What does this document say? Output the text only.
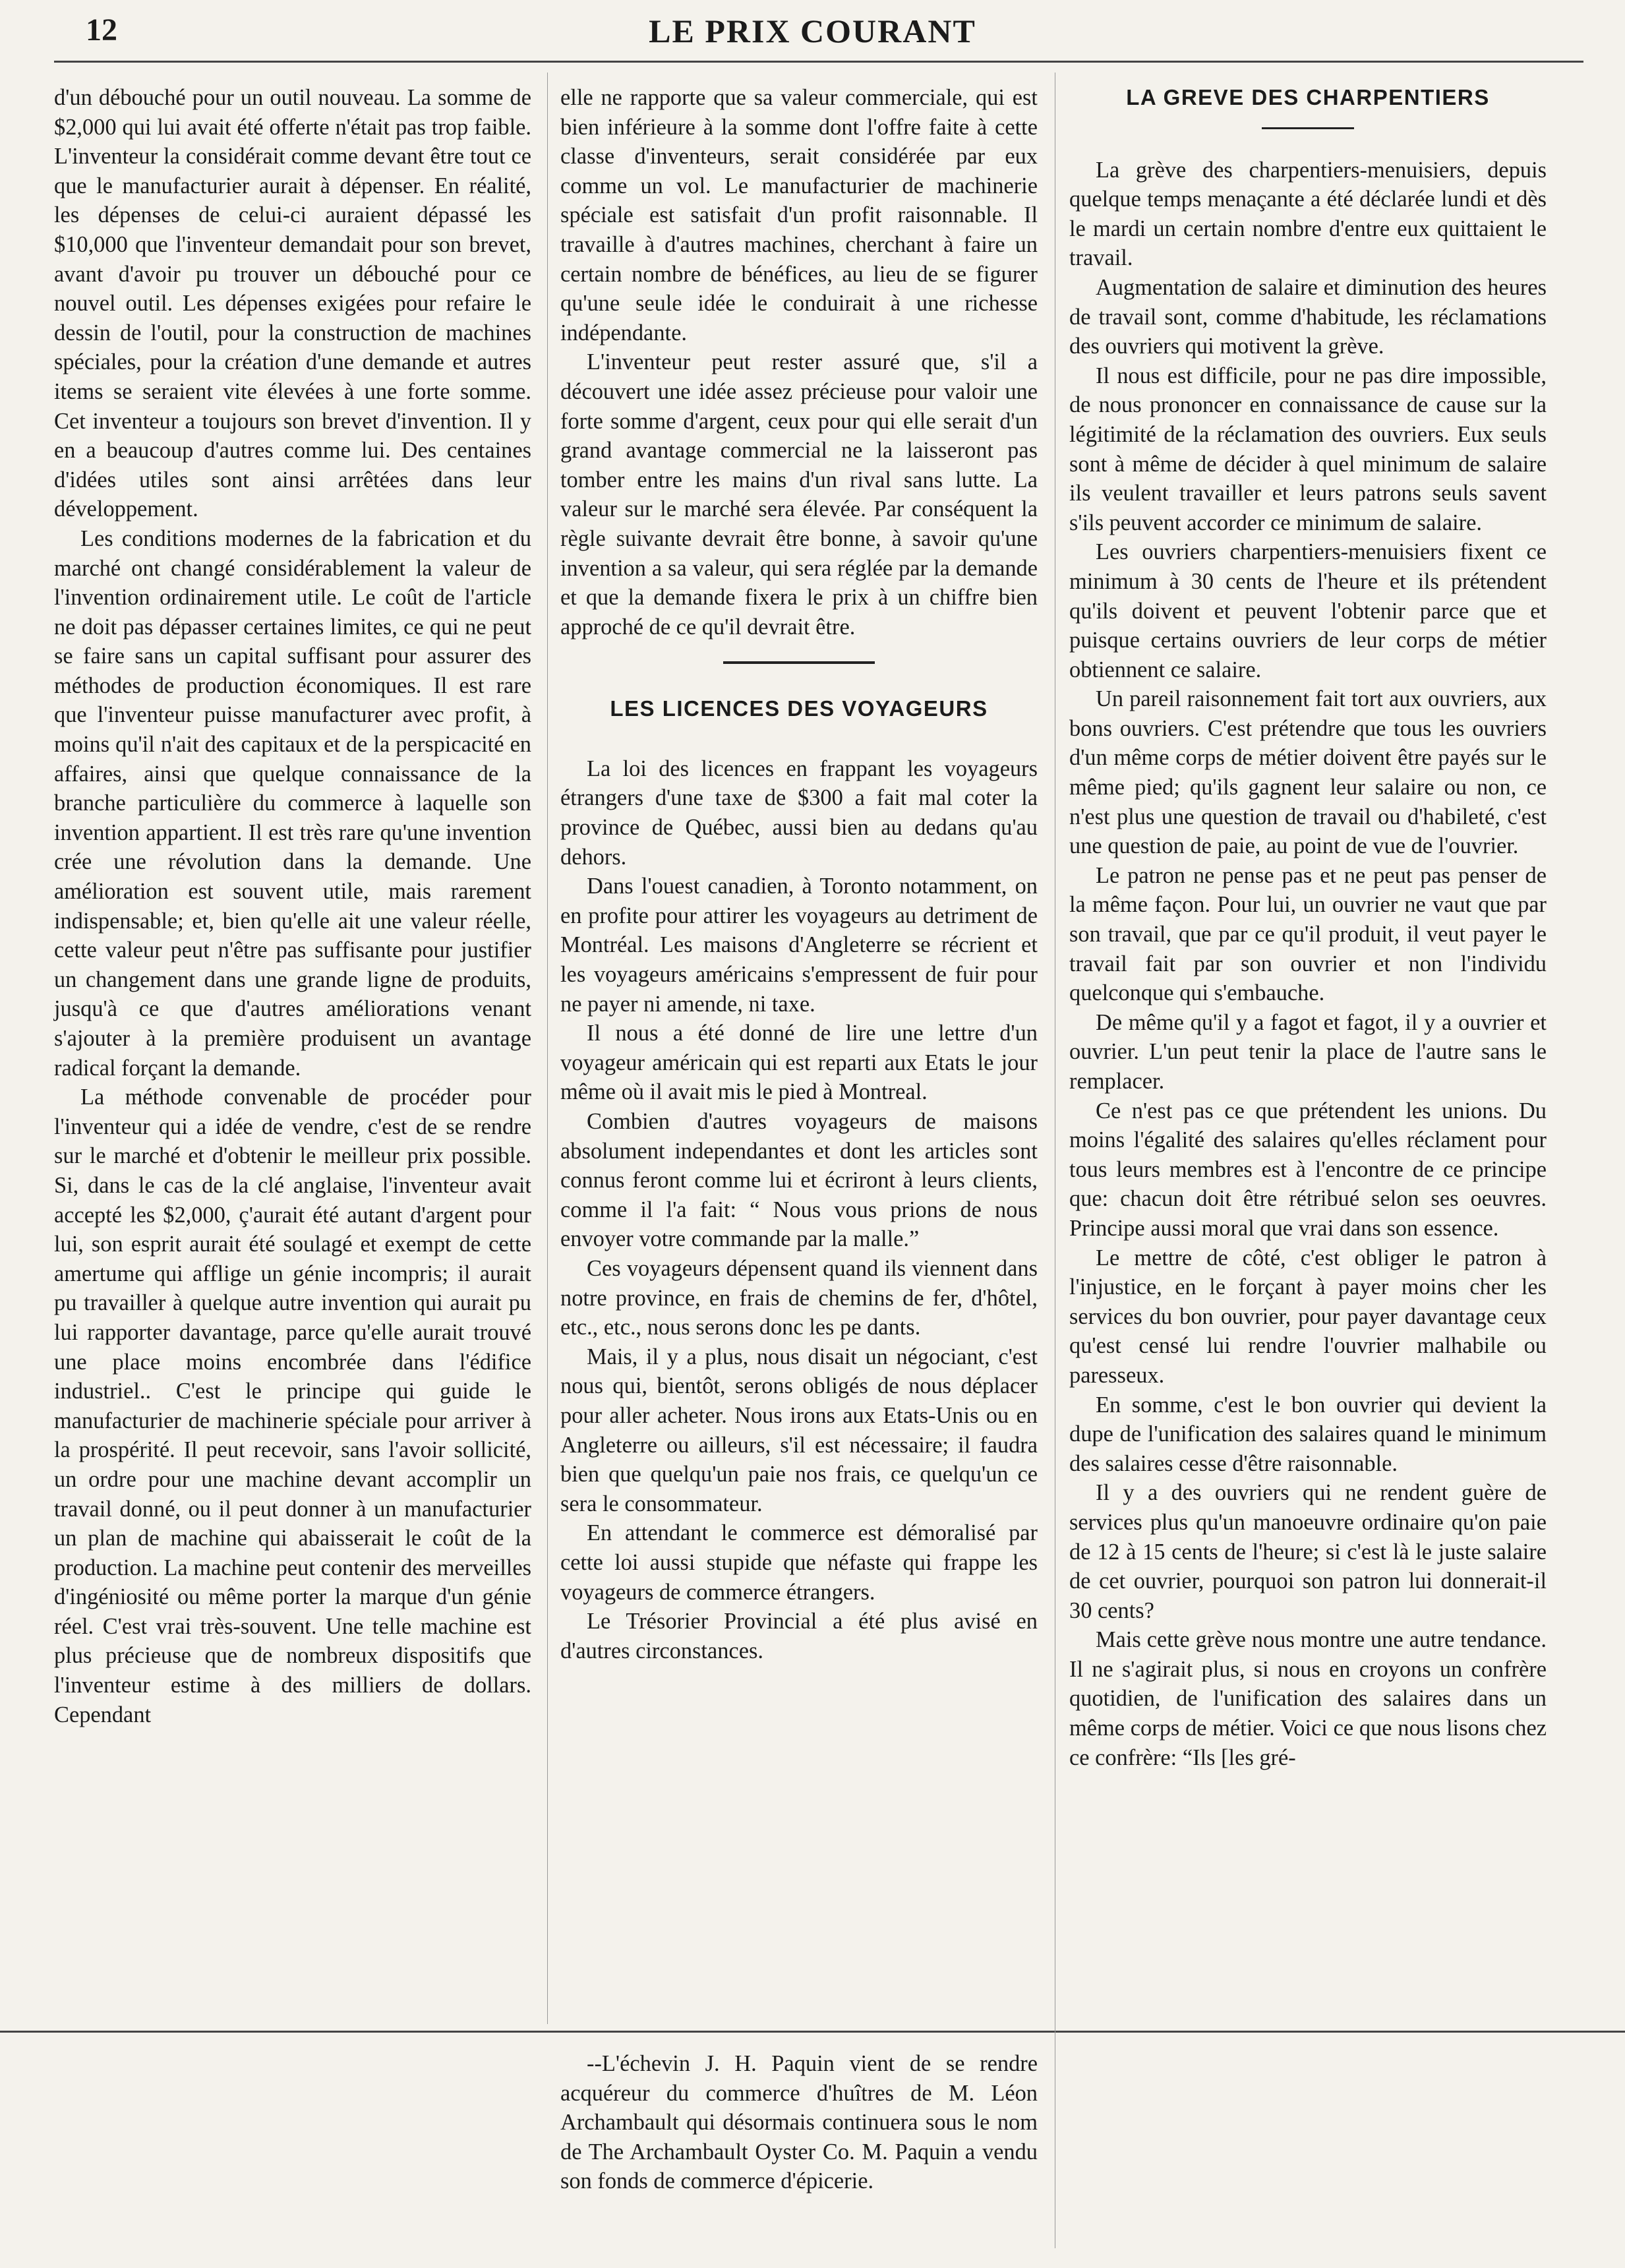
12	LE PRIX COURANT

d'un débouché pour un outil nouveau. La somme de $2,000 qui lui avait été offerte n'était pas trop faible. L'inventeur la considérait comme devant être tout ce que le manufacturier aurait à dépenser. En réalité, les dépenses de celui-ci auraient dépassé les $10,000 que l'inventeur demandait pour son brevet, avant d'avoir pu trouver un débouché pour ce nouvel outil. Les dépenses exigées pour refaire le dessin de l'outil, pour la construction de machines spéciales, pour la création d'une demande et autres items se seraient vite élevées à une forte somme. Cet inventeur a toujours son brevet d'invention. Il y en a beaucoup d'autres comme lui. Des centaines d'idées utiles sont ainsi arrêtées dans leur développement.

Les conditions modernes de la fabrication et du marché ont changé considérablement la valeur de l'invention ordinairement utile. Le coût de l'article ne doit pas dépasser certaines limites, ce qui ne peut se faire sans un capital suffisant pour assurer des méthodes de production économiques. Il est rare que l'inventeur puisse manufacturer avec profit, à moins qu'il n'ait des capitaux et de la perspicacité en affaires, ainsi que quelque connaissance de la branche particulière du commerce à laquelle son invention appartient. Il est très rare qu'une invention crée une révolution dans la demande. Une amélioration est souvent utile, mais rarement indispensable; et, bien qu'elle ait une valeur réelle, cette valeur peut n'être pas suffisante pour justifier un changement dans une grande ligne de produits, jusqu'à ce que d'autres améliorations venant s'ajouter à la première produisent un avantage radical forçant la demande.

La méthode convenable de procéder pour l'inventeur qui a idée de vendre, c'est de se rendre sur le marché et d'obtenir le meilleur prix possible. Si, dans le cas de la clé anglaise, l'inventeur avait accepté les $2,000, ç'aurait été autant d'argent pour lui, son esprit aurait été soulagé et exempt de cette amertume qui afflige un génie incompris; il aurait pu travailler à quelque autre invention qui aurait pu lui rapporter davantage, parce qu'elle aurait trouvé une place moins encombrée dans l'édifice industriel.. C'est le principe qui guide le manufacturier de machinerie spéciale pour arriver à la prospérité. Il peut recevoir, sans l'avoir sollicité, un ordre pour une machine devant accomplir un travail donné, ou il peut donner à un manufacturier un plan de machine qui abaisserait le coût de la production. La machine peut contenir des merveilles d'ingéniosité ou même porter la marque d'un génie réel. C'est vrai très-souvent. Une telle machine est plus précieuse que de nombreux dispositifs que l'inventeur estime à des milliers de dollars. Cependant

elle ne rapporte que sa valeur commerciale, qui est bien inférieure à la somme dont l'offre faite à cette classe d'inventeurs, serait considérée par eux comme un vol. Le manufacturier de machinerie spéciale est satisfait d'un profit raisonnable. Il travaille à d'autres machines, cherchant à faire un certain nombre de bénéfices, au lieu de se figurer qu'une seule idée le conduirait à une richesse indépendante.

L'inventeur peut rester assuré que, s'il a découvert une idée assez précieuse pour valoir une forte somme d'argent, ceux pour qui elle serait d'un grand avantage commercial ne la laisseront pas tomber entre les mains d'un rival sans lutte. La valeur sur le marché sera élevée. Par conséquent la règle suivante devrait être bonne, à savoir qu'une invention a sa valeur, qui sera réglée par la demande et que la demande fixera le prix à un chiffre bien approché de ce qu'il devrait être.

LES LICENCES DES VOYAGEURS

La loi des licences en frappant les voyageurs étrangers d'une taxe de $300 a fait mal coter la province de Québec, aussi bien au dedans qu'au dehors.

Dans l'ouest canadien, à Toronto notamment, on en profite pour attirer les voyageurs au detriment de Montréal. Les maisons d'Angleterre se récrient et les voyageurs américains s'empressent de fuir pour ne payer ni amende, ni taxe.

Il nous a été donné de lire une lettre d'un voyageur américain qui est reparti aux Etats le jour même où il avait mis le pied à Montreal.

Combien d'autres voyageurs de maisons absolument independantes et dont les articles sont connus feront comme lui et écriront à leurs clients, comme il l'a fait: “ Nous vous prions de nous envoyer votre commande par la malle.”

Ces voyageurs dépensent quand ils viennent dans notre province, en frais de chemins de fer, d'hôtel, etc., etc., nous serons donc les pe dants.

Mais, il y a plus, nous disait un négociant, c'est nous qui, bientôt, serons obligés de nous déplacer pour aller acheter. Nous irons aux Etats-Unis ou en Angleterre ou ailleurs, s'il est nécessaire; il faudra bien que quelqu'un paie nos frais, ce quelqu'un ce sera le consommateur.

En attendant le commerce est démoralisé par cette loi aussi stupide que néfaste qui frappe les voyageurs de commerce étrangers.

Le Trésorier Provincial a été plus avisé en d'autres circonstances.

--L'échevin J. H. Paquin vient de se rendre acquéreur du commerce d'huîtres de M. Léon Archambault qui désormais continuera sous le nom de The Archambault Oyster Co. M. Paquin a vendu son fonds de commerce d'épicerie.

LA GREVE DES CHARPENTIERS

La grève des charpentiers-menuisiers, depuis quelque temps menaçante a été déclarée lundi et dès le mardi un certain nombre d'entre eux quittaient le travail.

Augmentation de salaire et diminution des heures de travail sont, comme d'habitude, les réclamations des ouvriers qui motivent la grève.

Il nous est difficile, pour ne pas dire impossible, de nous prononcer en connaissance de cause sur la légitimité de la réclamation des ouvriers. Eux seuls sont à même de décider à quel minimum de salaire ils veulent travailler et leurs patrons seuls savent s'ils peuvent accorder ce minimum de salaire.

Les ouvriers charpentiers-menuisiers fixent ce minimum à 30 cents de l'heure et ils prétendent qu'ils doivent et peuvent l'obtenir parce que et puisque certains ouvriers de leur corps de métier obtiennent ce salaire.

Un pareil raisonnement fait tort aux ouvriers, aux bons ouvriers. C'est prétendre que tous les ouvriers d'un même corps de métier doivent être payés sur le même pied; qu'ils gagnent leur salaire ou non, ce n'est plus une question de travail ou d'habileté, c'est une question de paie, au point de vue de l'ouvrier.

Le patron ne pense pas et ne peut pas penser de la même façon. Pour lui, un ouvrier ne vaut que par son travail, que par ce qu'il produit, il veut payer le travail fait par son ouvrier et non l'individu quelconque qui s'embauche.

De même qu'il y a fagot et fagot, il y a ouvrier et ouvrier. L'un peut tenir la place de l'autre sans le remplacer.

Ce n'est pas ce que prétendent les unions. Du moins l'égalité des salaires qu'elles réclament pour tous leurs membres est à l'encontre de ce principe que: chacun doit être rétribué selon ses oeuvres. Principe aussi moral que vrai dans son essence.

Le mettre de côté, c'est obliger le patron à l'injustice, en le forçant à payer moins cher les services du bon ouvrier, pour payer davantage ceux qu'est censé lui rendre l'ouvrier malhabile ou paresseux.

En somme, c'est le bon ouvrier qui devient la dupe de l'unification des salaires quand le minimum des salaires cesse d'être raisonnable.

Il y a des ouvriers qui ne rendent guère de services plus qu'un manoeuvre ordinaire qu'on paie de 12 à 15 cents de l'heure; si c'est là le juste salaire de cet ouvrier, pourquoi son patron lui donnerait-il 30 cents?

Mais cette grève nous montre une autre tendance. Il ne s'agirait plus, si nous en croyons un confrère quotidien, de l'unification des salaires dans un même corps de métier. Voici ce que nous lisons chez ce confrère: “Ils [les gré-
